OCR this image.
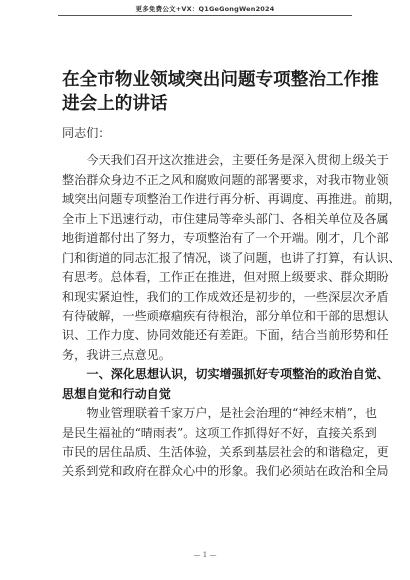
更多免费公文+VX：Q1GeGongWen2024
在全市物业领域突出问题专项整治工作推
进会上的讲话

同志们：

今天我们召开这次推进会，主要任务是深入贯彻上级关于
整治群众身边不正之风和腐败问题的部署要求，对我市物业领
域突出问题专项整治工作进行再分析、再调度、再推进。前期，
全市上下迅速行动，市住建局等牵头部门、各相关单位及各属
地街道都付出了努力，专项整治有了一个开端。刚才，几个部
门和街道的同志汇报了情况，谈了问题，也讲了打算，有认识、
有思考。总体看，工作正在推进，但对照上级要求、群众期盼
和现实紧迫性，我们的工作成效还是初步的，一些深层次矛盾
有待破解，一些顽瘴痼疾有待根治，部分单位和干部的思想认
识、工作力度、协同效能还有差距。下面，结合当前形势和任
务，我讲三点意见。

一、深化思想认识，切实增强抓好专项整治的政治自觉、
思想自觉和行动自觉

物业管理联着千家万户，是社会治理的“神经末梢”，也
是民生福祉的“晴雨表”。这项工作抓得好不好，直接关系到
市民的居住品质、生活体验，关系到基层社会的和谐稳定，更
关系到党和政府在群众心中的形象。我们必须站在政治和全局

— 1 —
